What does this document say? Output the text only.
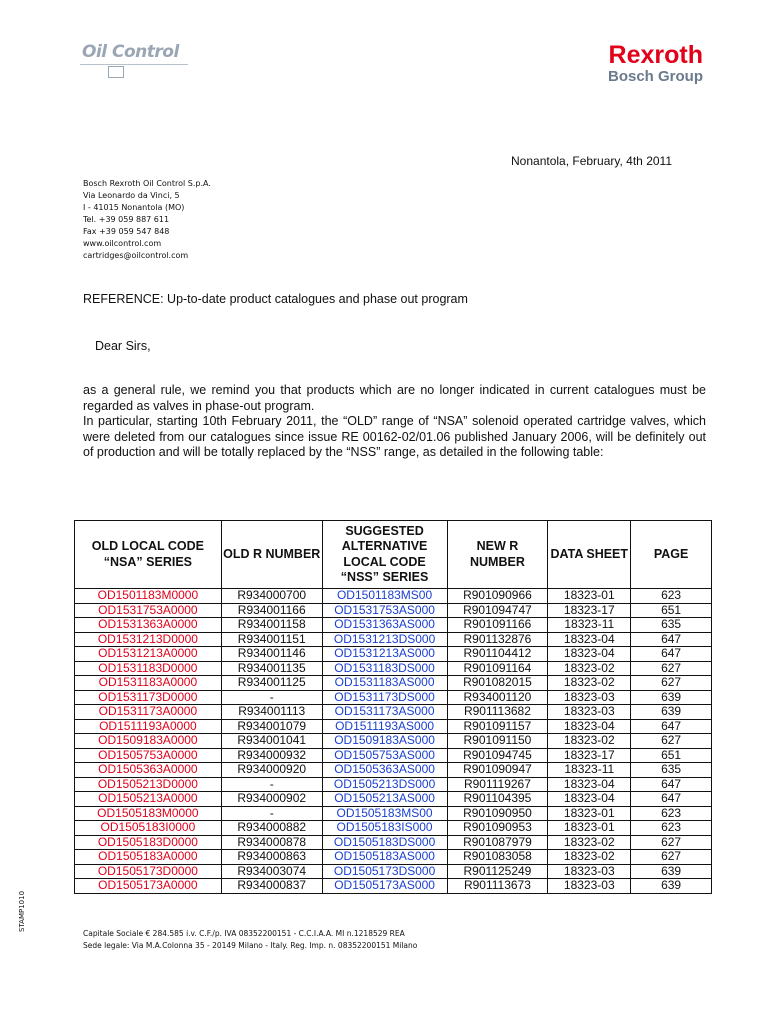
Oil Control	Rexroth
Bosch Group
Nonantola, February, 4th 2011
Bosch Rexroth Oil Control S.p.A.
Via Leonardo da Vinci, 5
I - 41015 Nonantola (MO)
Tel. +39 059 887 611
Fax +39 059 547 848
www.oilcontrol.com
cartridges@oilcontrol.com
REFERENCE: Up-to-date product catalogues and phase out program
Dear Sirs,

as a general rule, we remind you that products which are no longer indicated in current catalogues must be regarded as valves in phase-out program.

In particular, starting 10th February 2011, the “OLD” range of “NSA” solenoid operated cartridge valves, which were deleted from our catalogues since issue RE 00162-02/01.06 published January 2006, will be definitely out of production and will be totally replaced by the “NSS” range, as detailed in the following table:

OLD LOCAL CODE “NSA” SERIES	OLD R NUMBER	SUGGESTED ALTERNATIVE LOCAL CODE “NSS” SERIES	NEW R NUMBER	DATA SHEET	PAGE
OD1501183M0000	R934000700	OD1501183MS00	R901090966	18323-01	623
OD1531753A0000	R934001166	OD1531753AS000	R901094747	18323-17	651
OD1531363A0000	R934001158	OD1531363AS000	R901091166	18323-11	635
OD1531213D0000	R934001151	OD1531213DS000	R901132876	18323-04	647
OD1531213A0000	R934001146	OD1531213AS000	R901104412	18323-04	647
OD1531183D0000	R934001135	OD1531183DS000	R901091164	18323-02	627
OD1531183A0000	R934001125	OD1531183AS000	R901082015	18323-02	627
OD1531173D0000	-	OD1531173DS000	R934001120	18323-03	639
OD1531173A0000	R934001113	OD1531173AS000	R901113682	18323-03	639
OD1511193A0000	R934001079	OD1511193AS000	R901091157	18323-04	647
OD1509183A0000	R934001041	OD1509183AS000	R901091150	18323-02	627
OD1505753A0000	R934000932	OD1505753AS000	R901094745	18323-17	651
OD1505363A0000	R934000920	OD1505363AS000	R901090947	18323-11	635
OD1505213D0000	-	OD1505213DS000	R901119267	18323-04	647
OD1505213A0000	R934000902	OD1505213AS000	R901104395	18323-04	647
OD1505183M0000	-	OD1505183MS00	R901090950	18323-01	623
OD1505183I0000	R934000882	OD1505183IS000	R901090953	18323-01	623
OD1505183D0000	R934000878	OD1505183DS000	R901087979	18323-02	627
OD1505183A0000	R934000863	OD1505183AS000	R901083058	18323-02	627
OD1505173D0000	R934003074	OD1505173DS000	R901125249	18323-03	639
OD1505173A0000	R934000837	OD1505173AS000	R901113673	18323-03	639
Capitale Sociale € 284.585 i.v. C.F./p. IVA 08352200151 - C.C.I.A.A. MI n.1218529 REA
Sede legale: Via M.A.Colonna 35 - 20149 Milano - Italy. Reg. Imp. n. 08352200151 Milano
STAMP1010
